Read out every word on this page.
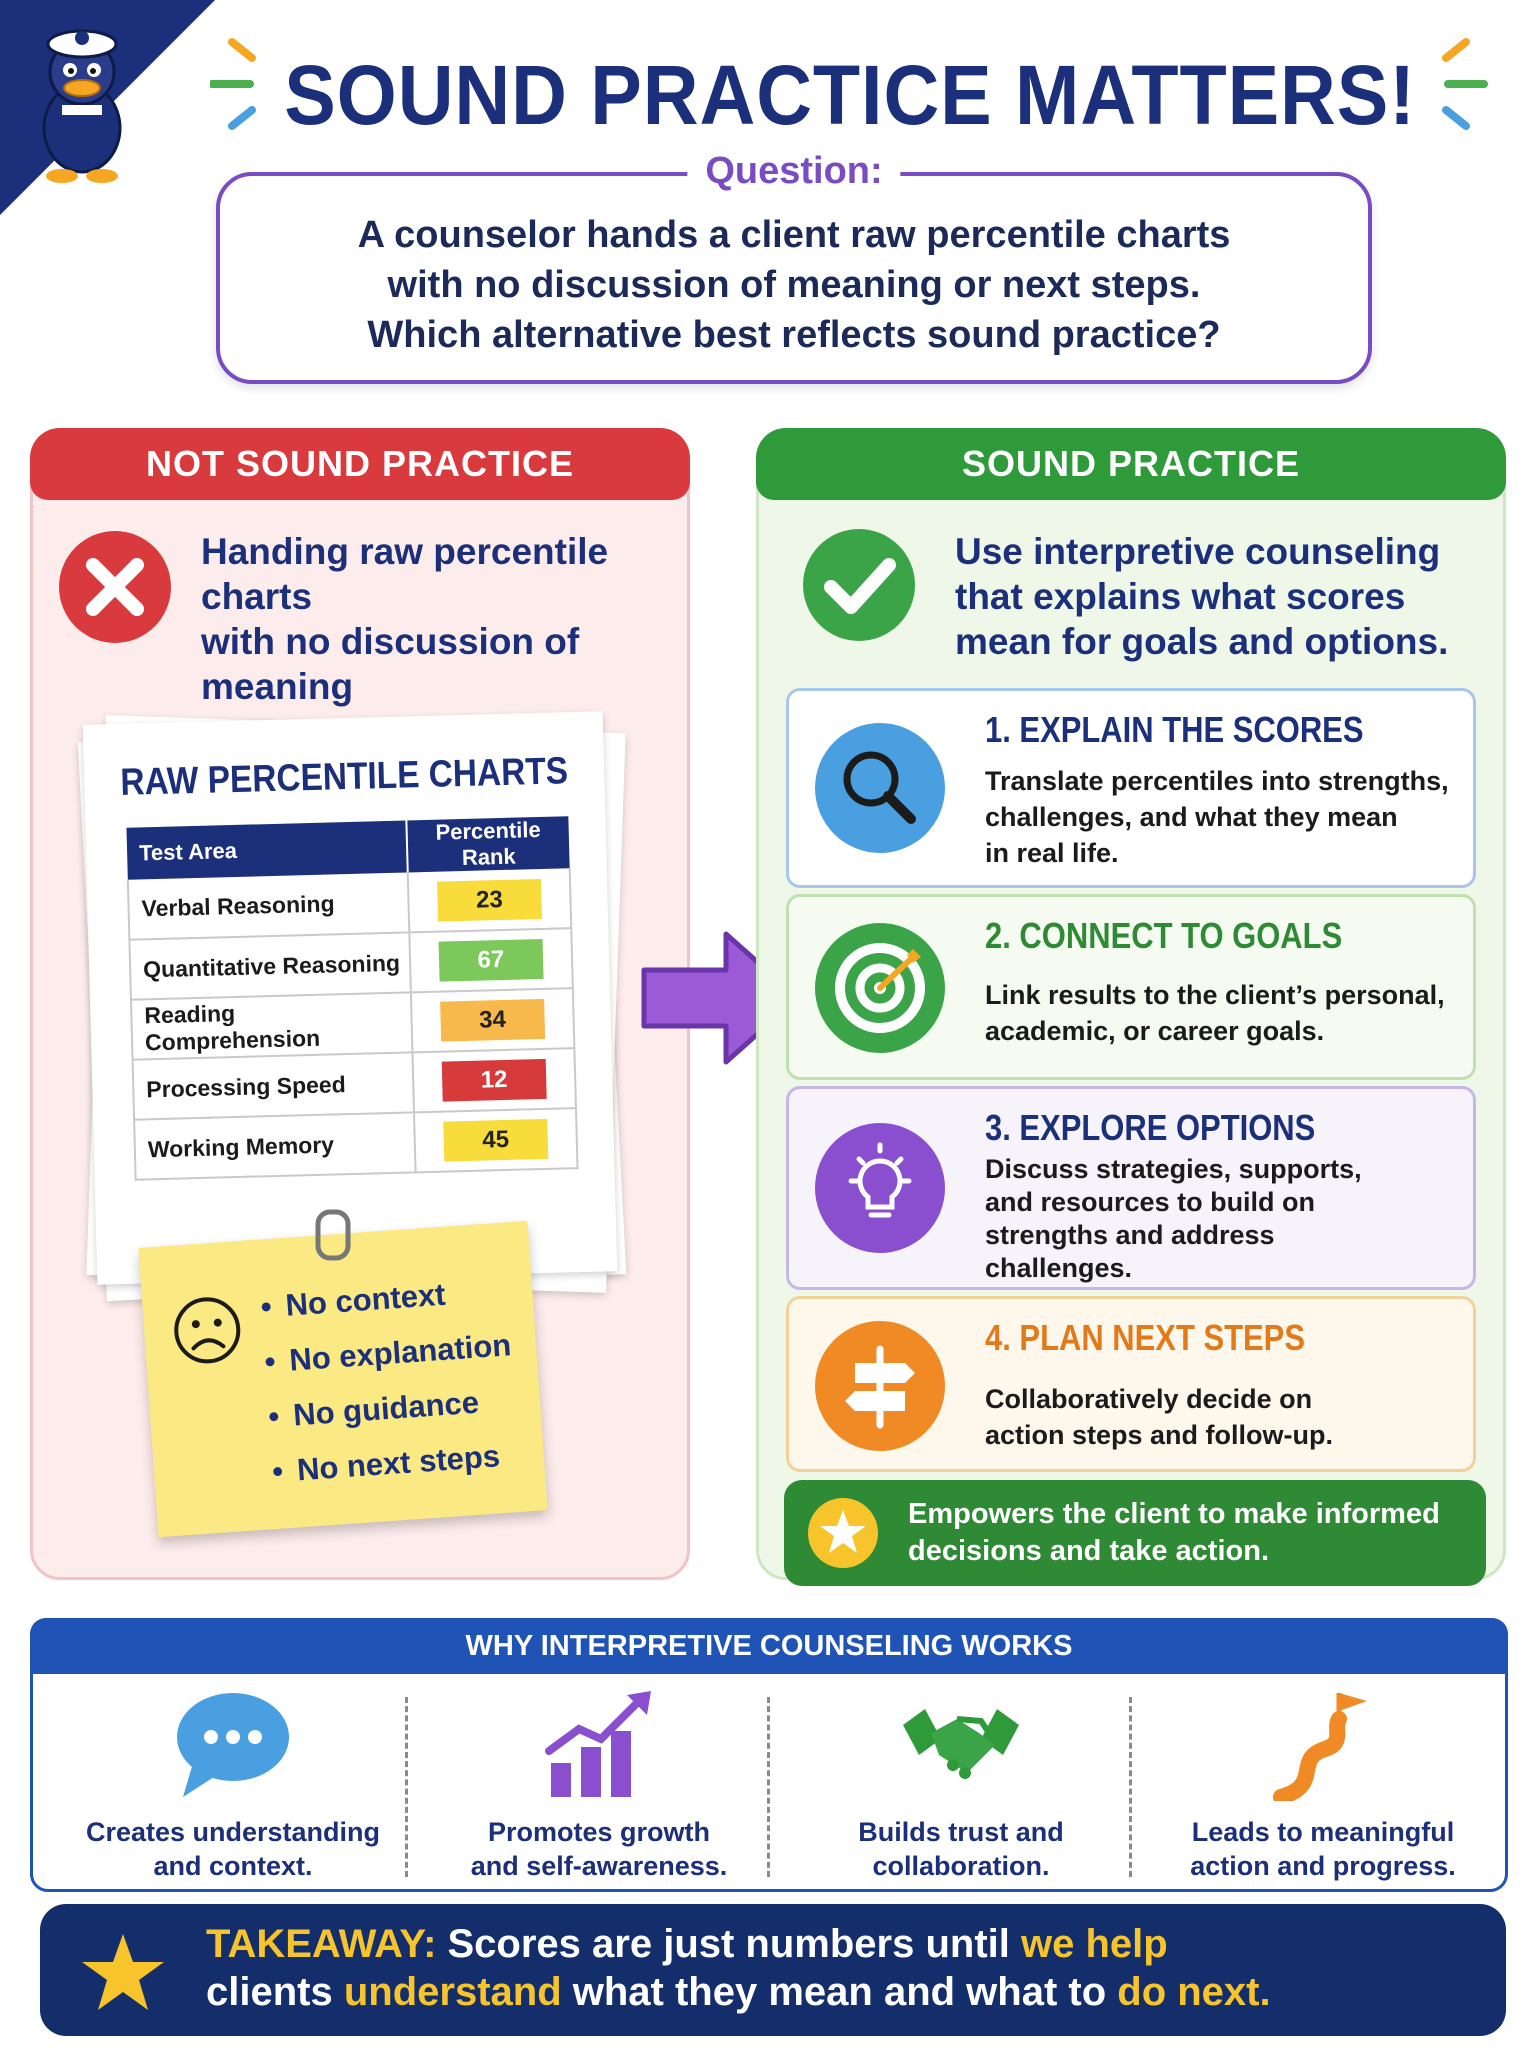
SOUND PRACTICE MATTERS!
Question:
A counselor hands a client raw percentile charts
with no discussion of meaning or next steps.
Which alternative best reflects sound practice?
NOT SOUND PRACTICE
Handing raw percentile charts
with no discussion of meaning
RAW PERCENTILE CHARTS
Test Area	Percentile Rank
Verbal Reasoning	23
Quantitative Reasoning	67
Reading Comprehension	34
Processing Speed	12
Working Memory	45
• No context
• No explanation
• No guidance
• No next steps
SOUND PRACTICE
Use interpretive counseling
that explains what scores
mean for goals and options.
1. EXPLAIN THE SCORES
Translate percentiles into strengths,
challenges, and what they mean
in real life.
2. CONNECT TO GOALS
Link results to the client’s personal,
academic, or career goals.
3. EXPLORE OPTIONS
Discuss strategies, supports,
and resources to build on
strengths and address
challenges.
4. PLAN NEXT STEPS
Collaboratively decide on
action steps and follow-up.
Empowers the client to make informed
decisions and take action.
WHY INTERPRETIVE COUNSELING WORKS
Creates understanding
and context.
Promotes growth
and self-awareness.
Builds trust and
collaboration.
Leads to meaningful
action and progress.
TAKEAWAY: Scores are just numbers until we help
clients understand what they mean and what to do next.
